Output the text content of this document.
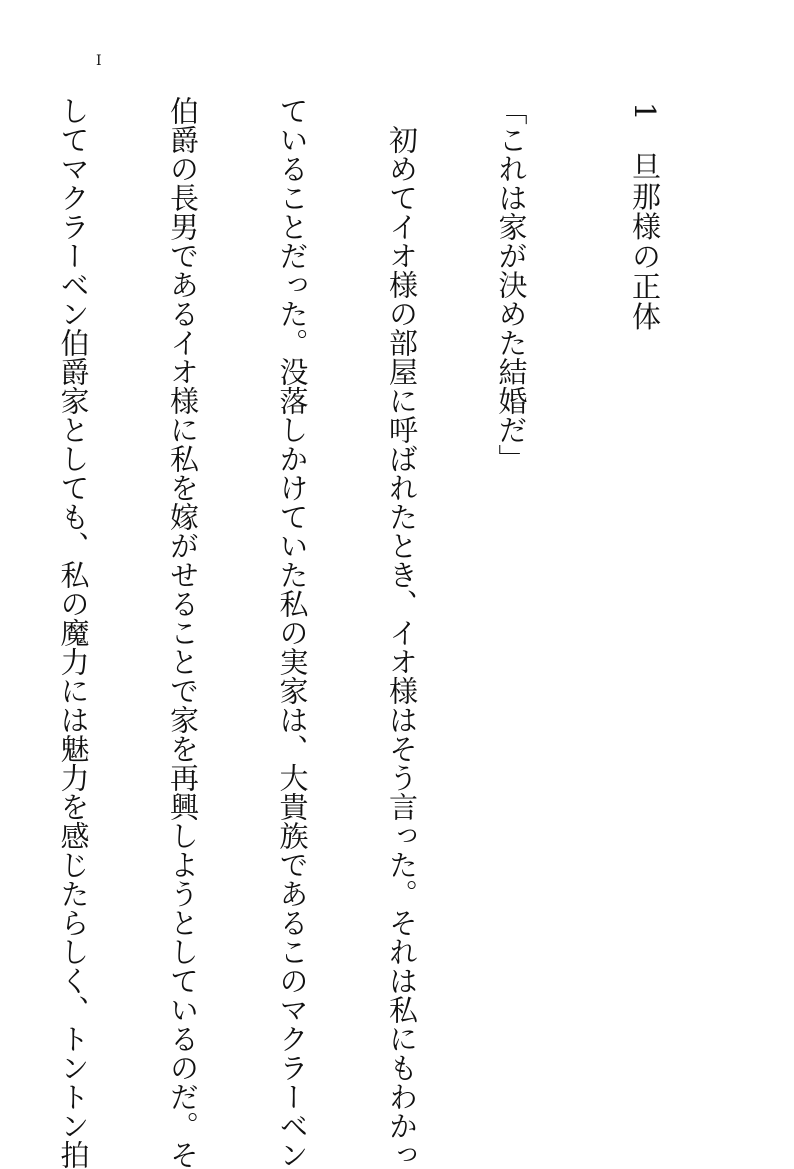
I

1　旦那様の正体

「これは家が決めた結婚だ」

　初めてイオ様の部屋に呼ばれたとき、イオ様はそう言った。それは私にもわかっ

ていることだった。没落しかけていた私の実家は、大貴族であるこのマクラーベン

伯爵の長男であるイオ様に私を嫁がせることで家を再興しようとしているのだ。そ

してマクラーベン伯爵家としても、私の魔力には魅力を感じたらしく、トントン拍
